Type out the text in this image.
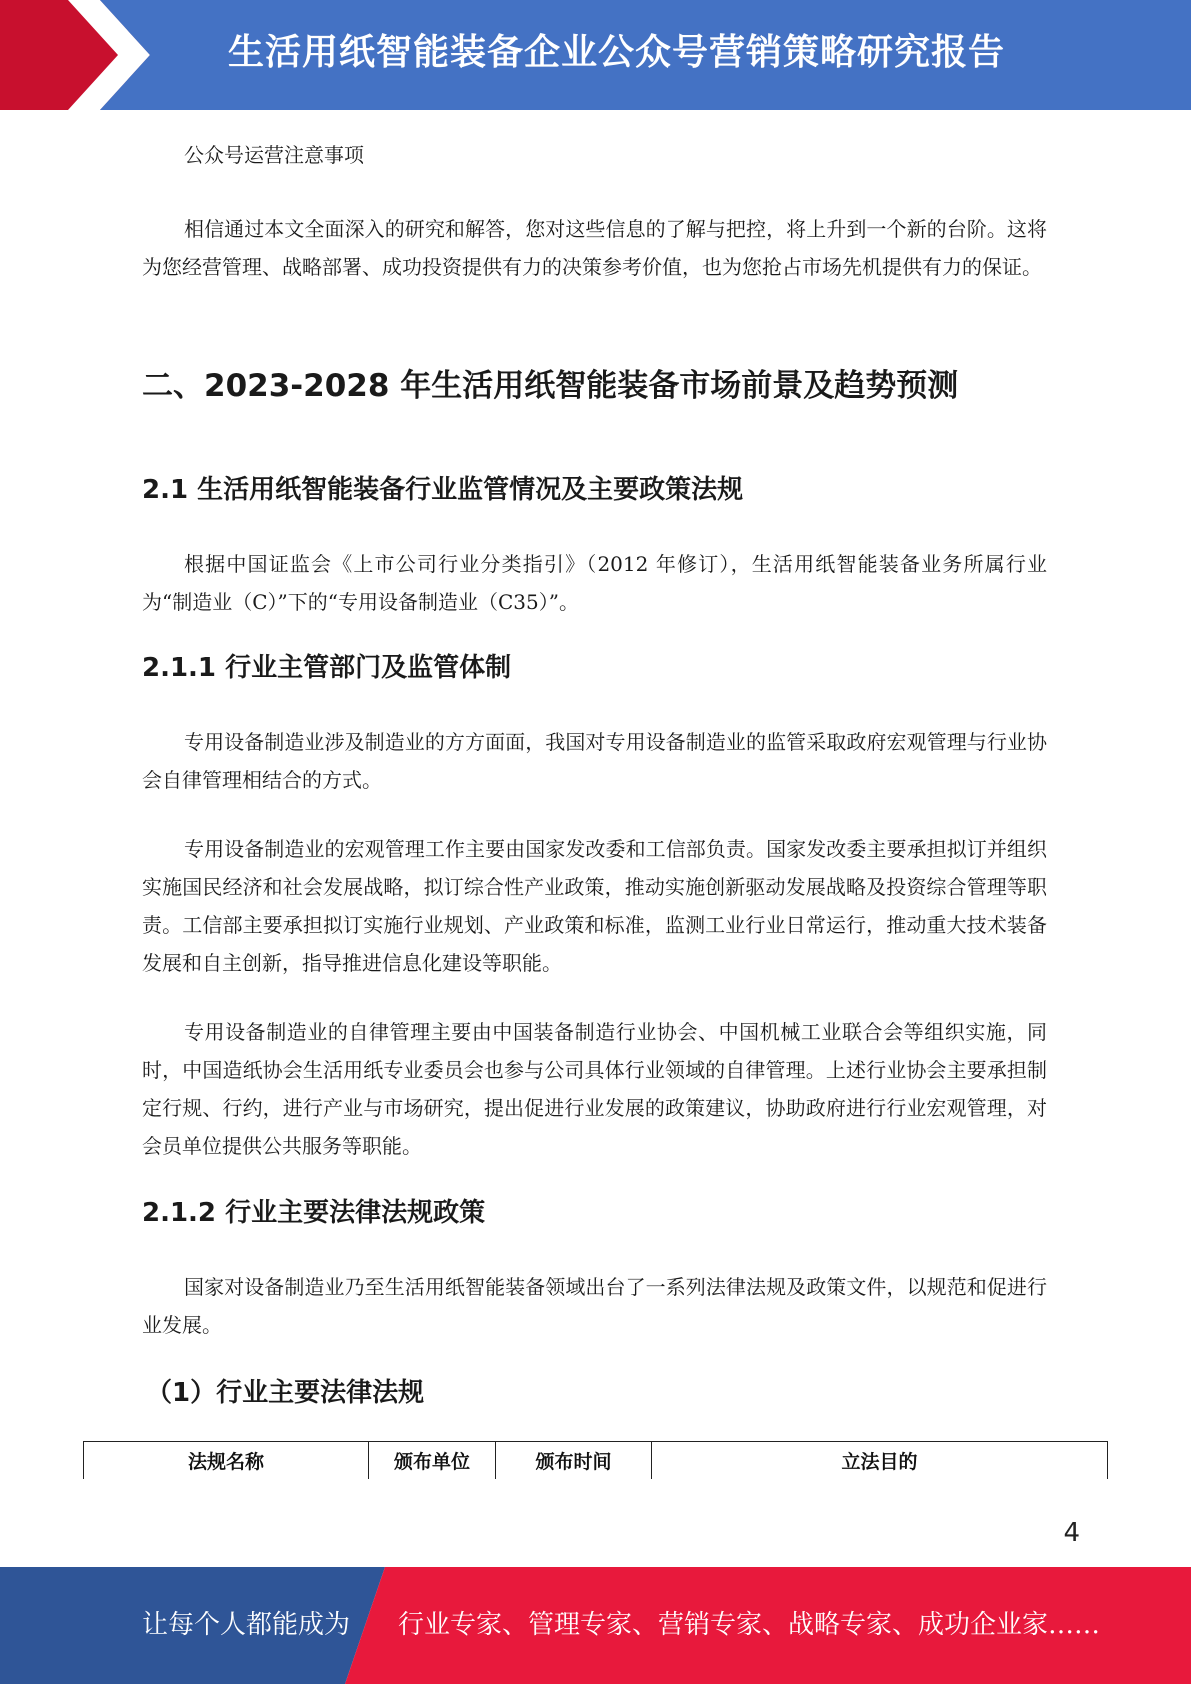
生活用纸智能装备企业公众号营销策略研究报告

公众号运营注意事项

相信通过本文全面深入的研究和解答，您对这些信息的了解与把控，将上升到一个新的台阶。这将为您经营管理、战略部署、成功投资提供有力的决策参考价值，也为您抢占市场先机提供有力的保证。

二、2023-2028 年生活用纸智能装备市场前景及趋势预测
2.1 生活用纸智能装备行业监管情况及主要政策法规

根据中国证监会《上市公司行业分类指引》（2012 年修订），生活用纸智能装备业务所属行业为“制造业（C）”下的“专用设备制造业（C35）”。

2.1.1 行业主管部门及监管体制

专用设备制造业涉及制造业的方方面面，我国对专用设备制造业的监管采取政府宏观管理与行业协会自律管理相结合的方式。

专用设备制造业的宏观管理工作主要由国家发改委和工信部负责。国家发改委主要承担拟订并组织实施国民经济和社会发展战略，拟订综合性产业政策，推动实施创新驱动发展战略及投资综合管理等职责。工信部主要承担拟订实施行业规划、产业政策和标准，监测工业行业日常运行，推动重大技术装备发展和自主创新，指导推进信息化建设等职能。

专用设备制造业的自律管理主要由中国装备制造行业协会、中国机械工业联合会等组织实施，同时，中国造纸协会生活用纸专业委员会也参与公司具体行业领域的自律管理。上述行业协会主要承担制定行规、行约，进行产业与市场研究，提出促进行业发展的政策建议，协助政府进行行业宏观管理，对会员单位提供公共服务等职能。

2.1.2 行业主要法律法规政策

国家对设备制造业乃至生活用纸智能装备领域出台了一系列法律法规及政策文件，以规范和促进行业发展。

（1）行业主要法律法规
法规名称	颁布单位	颁布时间	立法目的
4
让每个人都能成为 行业专家、管理专家、营销专家、战略专家、成功企业家……
